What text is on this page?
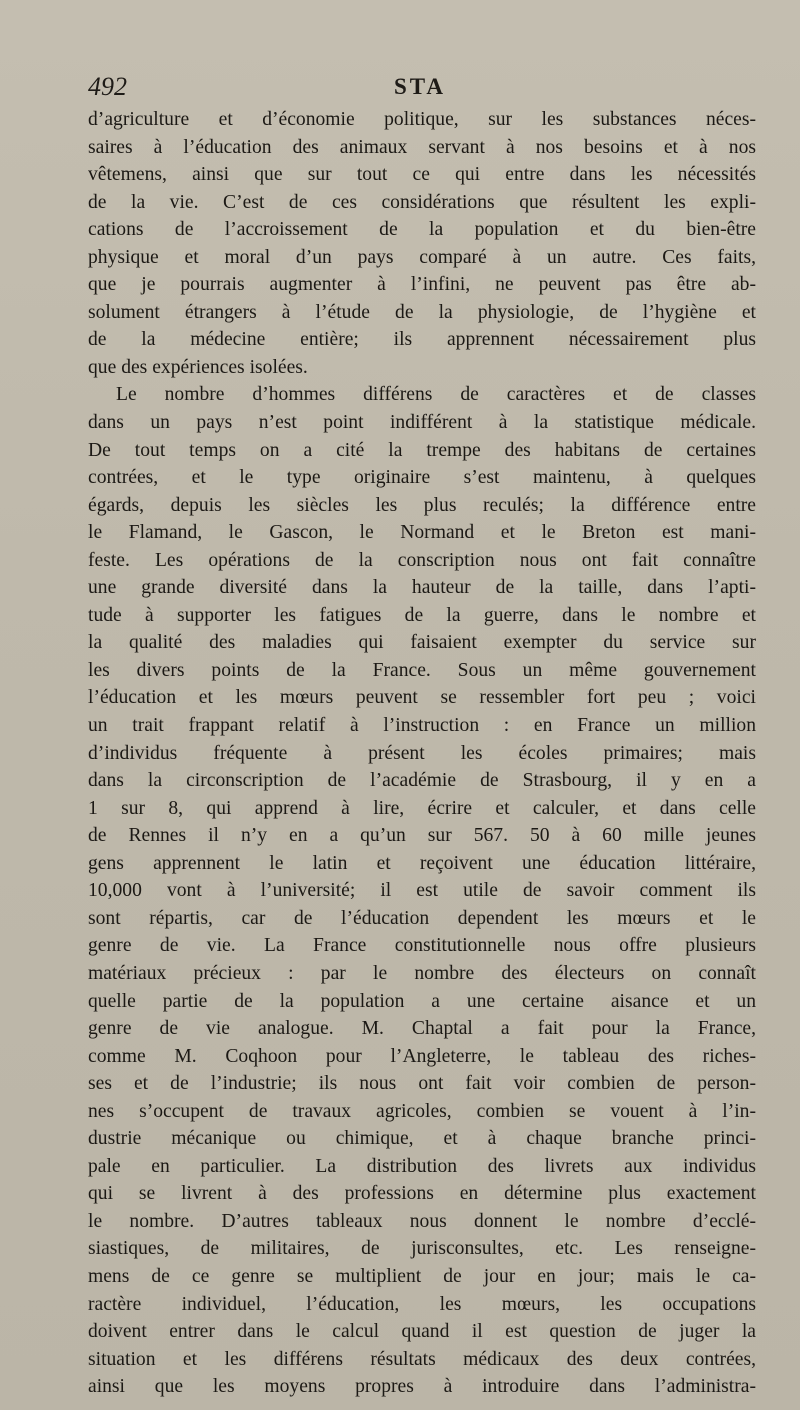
492	STA
d’agriculture et d’économie politique, sur les substances néces-
saires à l’éducation des animaux servant à nos besoins et à nos
vêtemens, ainsi que sur tout ce qui entre dans les nécessités
de la vie. C’est de ces considérations que résultent les expli-
cations de l’accroissement de la population et du bien-être
physique et moral d’un pays comparé à un autre. Ces faits,
que je pourrais augmenter à l’infini, ne peuvent pas être ab-
solument étrangers à l’étude de la physiologie, de l’hygiène et
de la médecine entière; ils apprennent nécessairement plus
que des expériences isolées.
Le nombre d’hommes différens de caractères et de classes
dans un pays n’est point indifférent à la statistique médicale.
De tout temps on a cité la trempe des habitans de certaines
contrées, et le type originaire s’est maintenu, à quelques
égards, depuis les siècles les plus reculés; la différence entre
le Flamand, le Gascon, le Normand et le Breton est mani-
feste. Les opérations de la conscription nous ont fait connaître
une grande diversité dans la hauteur de la taille, dans l’apti-
tude à supporter les fatigues de la guerre, dans le nombre et
la qualité des maladies qui faisaient exempter du service sur
les divers points de la France. Sous un même gouvernement
l’éducation et les mœurs peuvent se ressembler fort peu ; voici
un trait frappant relatif à l’instruction : en France un million
d’individus fréquente à présent les écoles primaires; mais
dans la circonscription de l’académie de Strasbourg, il y en a
1 sur 8, qui apprend à lire, écrire et calculer, et dans celle
de Rennes il n’y en a qu’un sur 567. 50 à 60 mille jeunes
gens apprennent le latin et reçoivent une éducation littéraire,
10,000 vont à l’université; il est utile de savoir comment ils
sont répartis, car de l’éducation dependent les mœurs et le
genre de vie. La France constitutionnelle nous offre plusieurs
matériaux précieux : par le nombre des électeurs on connaît
quelle partie de la population a une certaine aisance et un
genre de vie analogue. M. Chaptal a fait pour la France,
comme M. Coqhoon pour l’Angleterre, le tableau des riches-
ses et de l’industrie; ils nous ont fait voir combien de person-
nes s’occupent de travaux agricoles, combien se vouent à l’in-
dustrie mécanique ou chimique, et à chaque branche princi-
pale en particulier. La distribution des livrets aux individus
qui se livrent à des professions en détermine plus exactement
le nombre. D’autres tableaux nous donnent le nombre d’ecclé-
siastiques, de militaires, de jurisconsultes, etc. Les renseigne-
mens de ce genre se multiplient de jour en jour; mais le ca-
ractère individuel, l’éducation, les mœurs, les occupations
doivent entrer dans le calcul quand il est question de juger la
situation et les différens résultats médicaux des deux contrées,
ainsi que les moyens propres à introduire dans l’administra-
